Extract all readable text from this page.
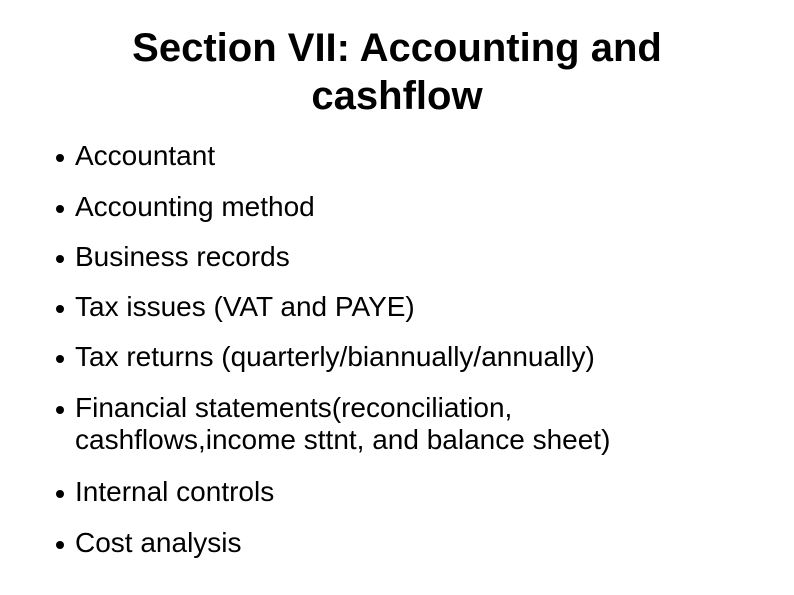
Section VII: Accounting and
cashflow
Accountant
Accounting method
Business records
Tax issues (VAT and PAYE)
Tax returns (quarterly/biannually/annually)
Financial statements(reconciliation,
cashflows,income sttnt, and balance sheet)
Internal controls
Cost analysis
